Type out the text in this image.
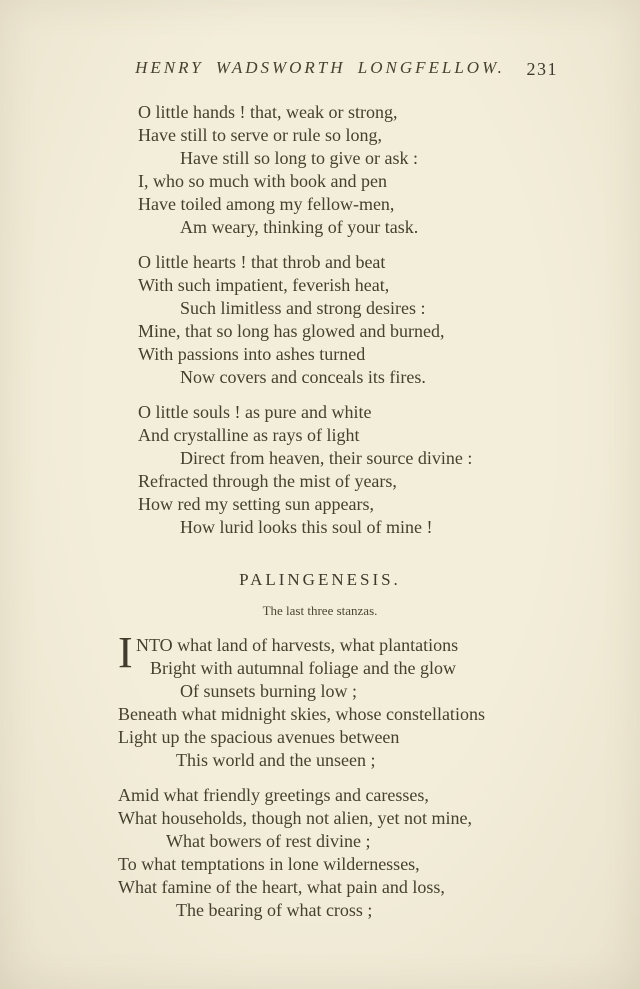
HENRY WADSWORTH LONGFELLOW.	231
O little hands ! that, weak or strong,
Have still to serve or rule so long,
Have still so long to give or ask :
I, who so much with book and pen
Have toiled among my fellow-men,
Am weary, thinking of your task.
O little hearts ! that throb and beat
With such impatient, feverish heat,
Such limitless and strong desires :
Mine, that so long has glowed and burned,
With passions into ashes turned
Now covers and conceals its fires.
O little souls ! as pure and white
And crystalline as rays of light
Direct from heaven, their source divine :
Refracted through the mist of years,
How red my setting sun appears,
How lurid looks this soul of mine !
PALINGENESIS.

The last three stanzas.

I NTO what land of harvests, what plantations
Bright with autumnal foliage and the glow
Of sunsets burning low ;
Beneath what midnight skies, whose constellations
Light up the spacious avenues between
This world and the unseen ;
Amid what friendly greetings and caresses,
What households, though not alien, yet not mine,
What bowers of rest divine ;
To what temptations in lone wildernesses,
What famine of the heart, what pain and loss,
The bearing of what cross ;
